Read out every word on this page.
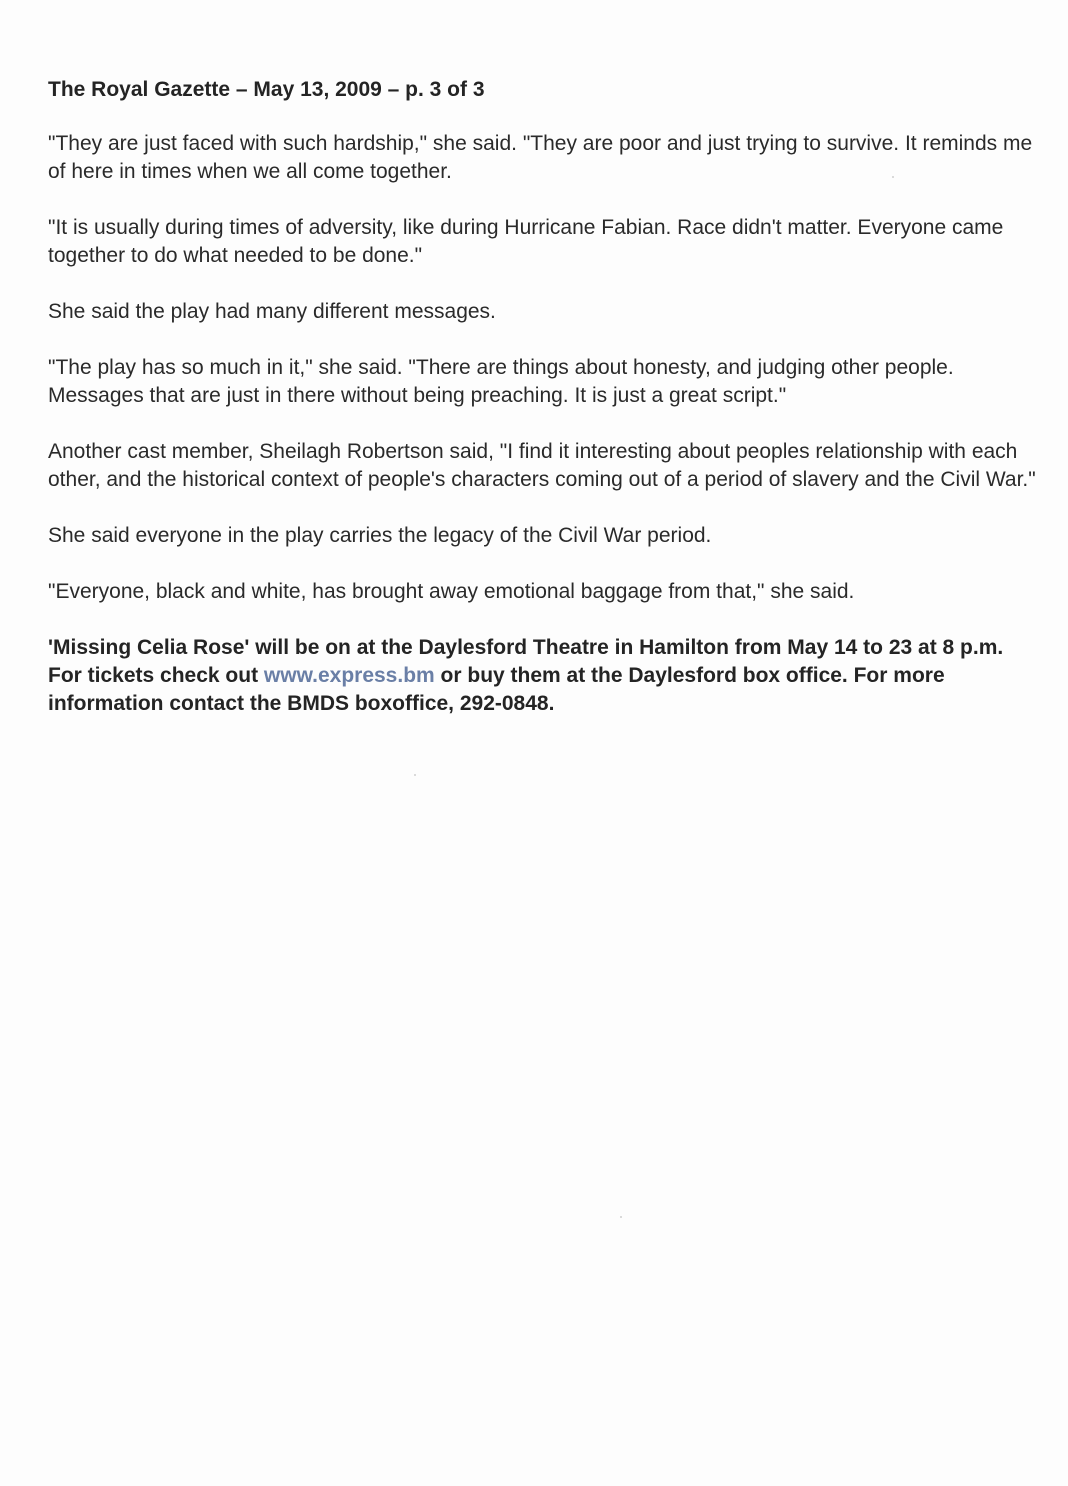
The Royal Gazette – May 13, 2009 – p. 3 of 3

"They are just faced with such hardship," she said. "They are poor and just trying to survive. It reminds me of here in times when we all come together.

"It is usually during times of adversity, like during Hurricane Fabian. Race didn't matter. Everyone came together to do what needed to be done."

She said the play had many different messages.

"The play has so much in it," she said. "There are things about honesty, and judging other people. Messages that are just in there without being preaching. It is just a great script."

Another cast member, Sheilagh Robertson said, "I find it interesting about peoples relationship with each other, and the historical context of people's characters coming out of a period of slavery and the Civil War."

She said everyone in the play carries the legacy of the Civil War period.

"Everyone, black and white, has brought away emotional baggage from that," she said.

'Missing Celia Rose' will be on at the Daylesford Theatre in Hamilton from May 14 to 23 at 8 p.m. For tickets check out www.express.bm or buy them at the Daylesford box office. For more information contact the BMDS boxoffice, 292-0848.
